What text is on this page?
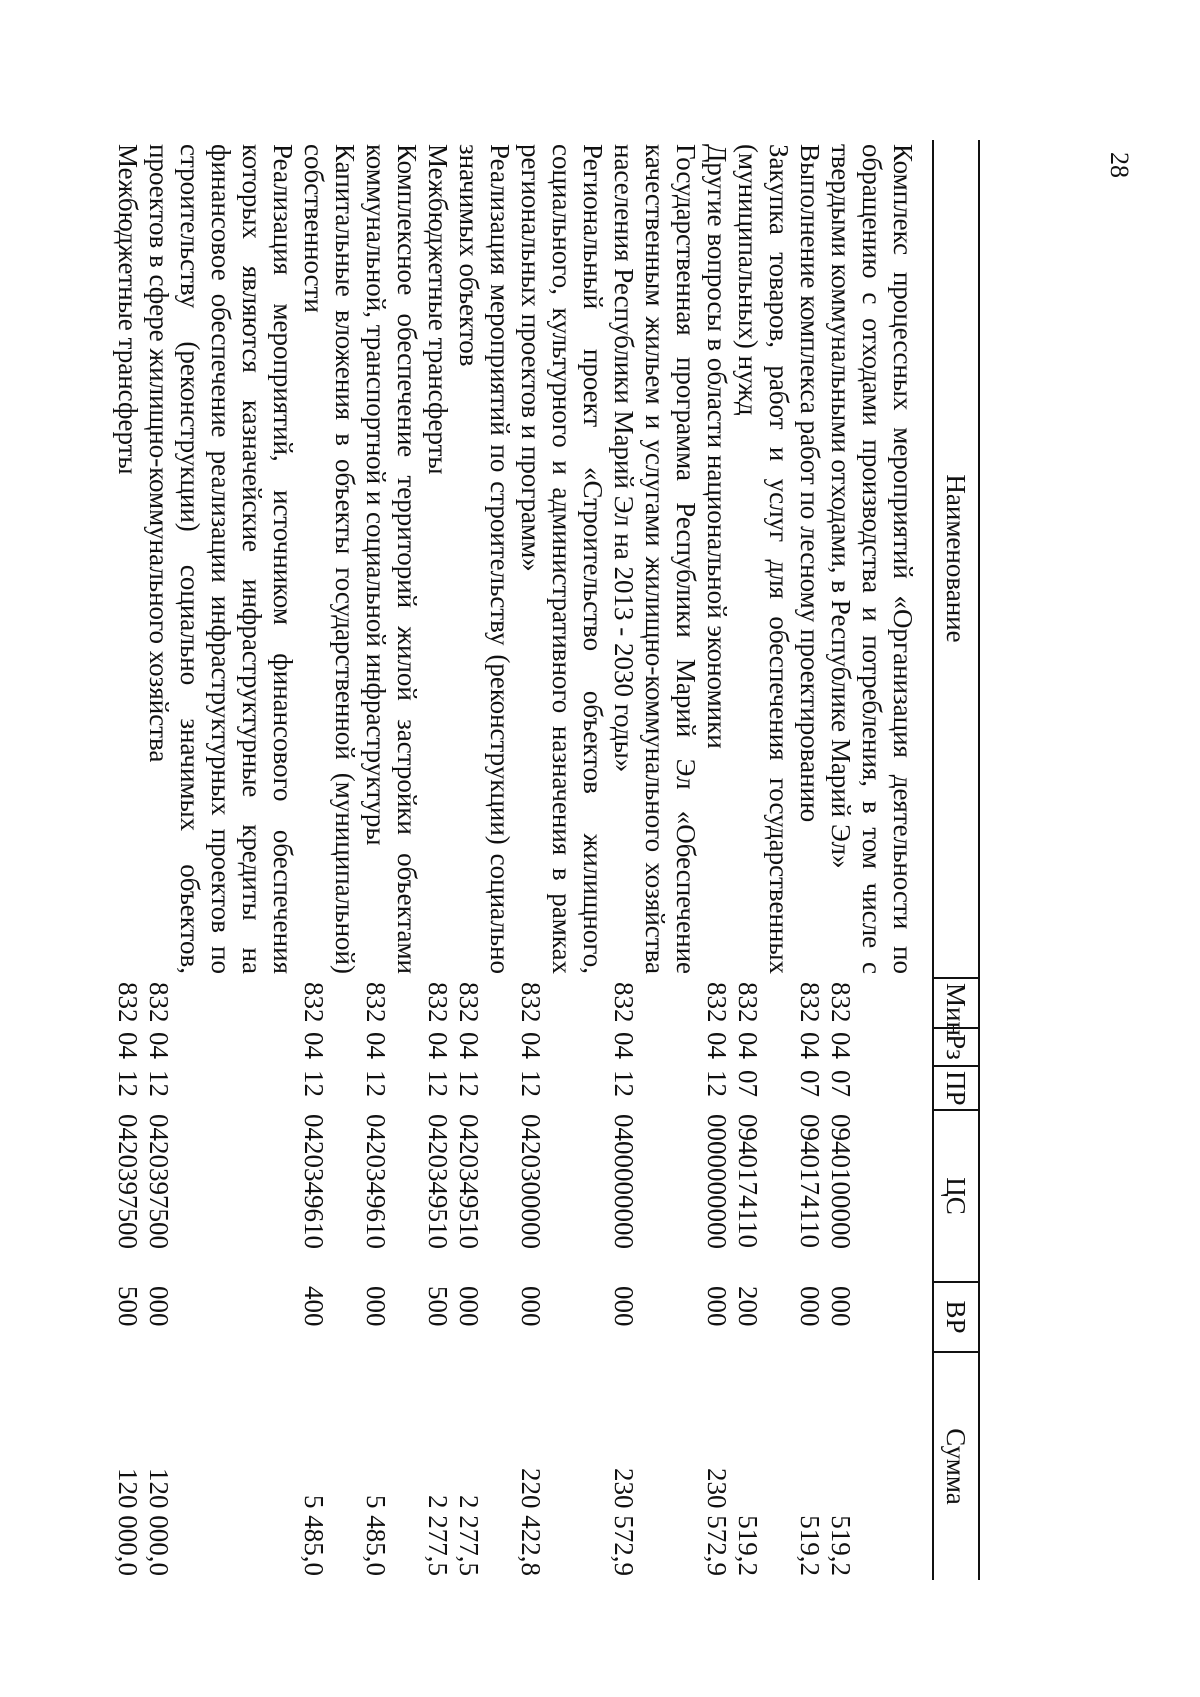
28
Наименование	Мин	Рз	ПР	ЦС	ВР	Сумма
Комплекс процессных мероприятий «Организация деятельности по обращению с отходами производства и потребления, в том числе с твердыми коммунальными отходами, в Республике Марий Эл»	832	04	07	0940100000	000	519,2
Выполнение комплекса работ по лесному проектированию	832	04	07	0940174110	000	519,2
Закупка товаров, работ и услуг для обеспечения государственных (муниципальных) нужд	832	04	07	0940174110	200	519,2
Другие вопросы в области национальной экономики	832	04	12	0000000000	000	230 572,9
Государственная программа Республики Марий Эл «Обеспечение качественным жильем и услугами жилищно-коммунального хозяйства населения Республики Марий Эл на 2013 - 2030 годы»	832	04	12	0400000000	000	230 572,9
Региональный проект «Строительство объектов жилищного, социального, культурного и административного назначения в рамках региональных проектов и программ»	832	04	12	0420300000	000	220 422,8
Реализация мероприятий по строительству (реконструкции) социально значимых объектов	832	04	12	0420349510	000	2 277,5
Межбюджетные трансферты	832	04	12	0420349510	500	2 277,5
Комплексное обеспечение территорий жилой застройки объектами коммунальной, транспортной и социальной инфраструктуры	832	04	12	0420349610	000	5 485,0
Капитальные вложения в объекты государственной (муниципальной) собственности	832	04	12	0420349610	400	5 485,0
Реализация мероприятий, источником финансового обеспечения которых являются казначейские инфраструктурные кредиты на финансовое обеспечение реализации инфраструктурных проектов по строительству (реконструкции) социально значимых объектов, проектов в сфере жилищно-коммунального хозяйства	832	04	12	0420397500	000	120 000,0
Межбюджетные трансферты	832	04	12	0420397500	500	120 000,0
